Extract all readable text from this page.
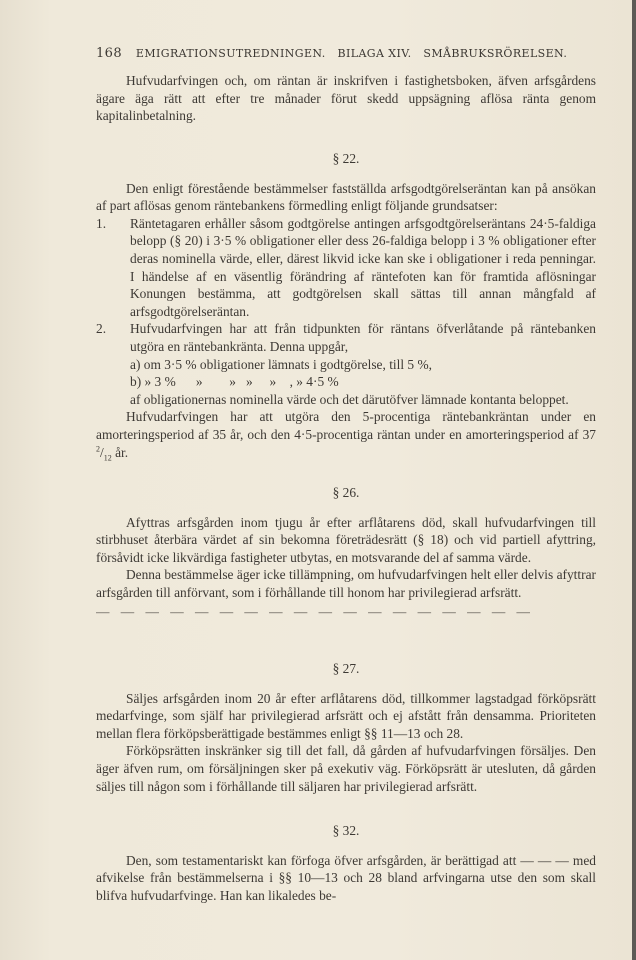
168 EMIGRATIONSUTREDNINGEN. BILAGA XIV. SMÅBRUKSRÖRELSEN.
Hufvudarfvingen och, om räntan är inskrifven i fastighetsboken, äfven arfsgårdens ägare äga rätt att efter tre månader förut skedd uppsägning aflösa ränta genom kapitalinbetalning.
§ 22.
Den enligt förestående bestämmelser fastställda arfsgodtgörelseräntan kan på ansökan af part aflösas genom räntebankens förmedling enligt följande grundsatser:
1. Räntetagaren erhåller såsom godtgörelse antingen arfsgodtgörelseräntans 24·5-faldiga belopp (§ 20) i 3·5 % obligationer eller dess 26-faldiga belopp i 3 % obligationer efter deras nominella värde, eller, därest likvid icke kan ske i obligationer i reda penningar. I händelse af en väsentlig förändring af räntefoten kan för framtida aflösningar Konungen bestämma, att godtgörelsen skall sättas till annan mångfald af arfsgodtgörelseräntan.
2. Hufvudarfvingen har att från tidpunkten för räntans öfverlåtande på räntebanken utgöra en räntebankränta. Denna uppgår,
a) om 3·5 % obligationer lämnats i godtgörelse, till 5 %,
b) » 3 %      »        »   »     »    , » 4·5 %
af obligationernas nominella värde och det därutöfver lämnade kontanta beloppet.
Hufvudarfvingen har att utgöra den 5-procentiga räntebankräntan under en amorteringsperiod af 35 år, och den 4·5-procentiga räntan under en amorteringsperiod af 37 $^2/_{12}$ år.
§ 26.
Afyttras arfsgården inom tjugu år efter arflåtarens död, skall hufvudarfvingen till stirbhuset återbära värdet af sin bekomna företrädesrätt (§ 18) och vid partiell afyttring, försåvidt icke likvärdiga fastigheter utbytas, en motsvarande del af samma värde.
Denna bestämmelse äger icke tillämpning, om hufvudarfvingen helt eller delvis afyttrar arfsgården till anförvant, som i förhållande till honom har privilegierad arfsrätt.
— — — — — — — — — — — — — — — — — —
§ 27.
Säljes arfsgården inom 20 år efter arflåtarens död, tillkommer lagstadgad förköpsrätt medarfvinge, som själf har privilegierad arfsrätt och ej afstått från densamma. Prioriteten mellan flera förköpsberättigade bestämmes enligt §§ 11—13 och 28.
Förköpsrätten inskränker sig till det fall, då gården af hufvudarfvingen försäljes. Den äger äfven rum, om försäljningen sker på exekutiv väg. Förköpsrätt är utesluten, då gården säljes till någon som i förhållande till säljaren har privilegierad arfsrätt.
§ 32.
Den, som testamentariskt kan förfoga öfver arfsgården, är berättigad att — — — med afvikelse från bestämmelserna i §§ 10—13 och 28 bland arfvingarna utse den som skall blifva hufvudarfvinge. Han kan likaledes be-
